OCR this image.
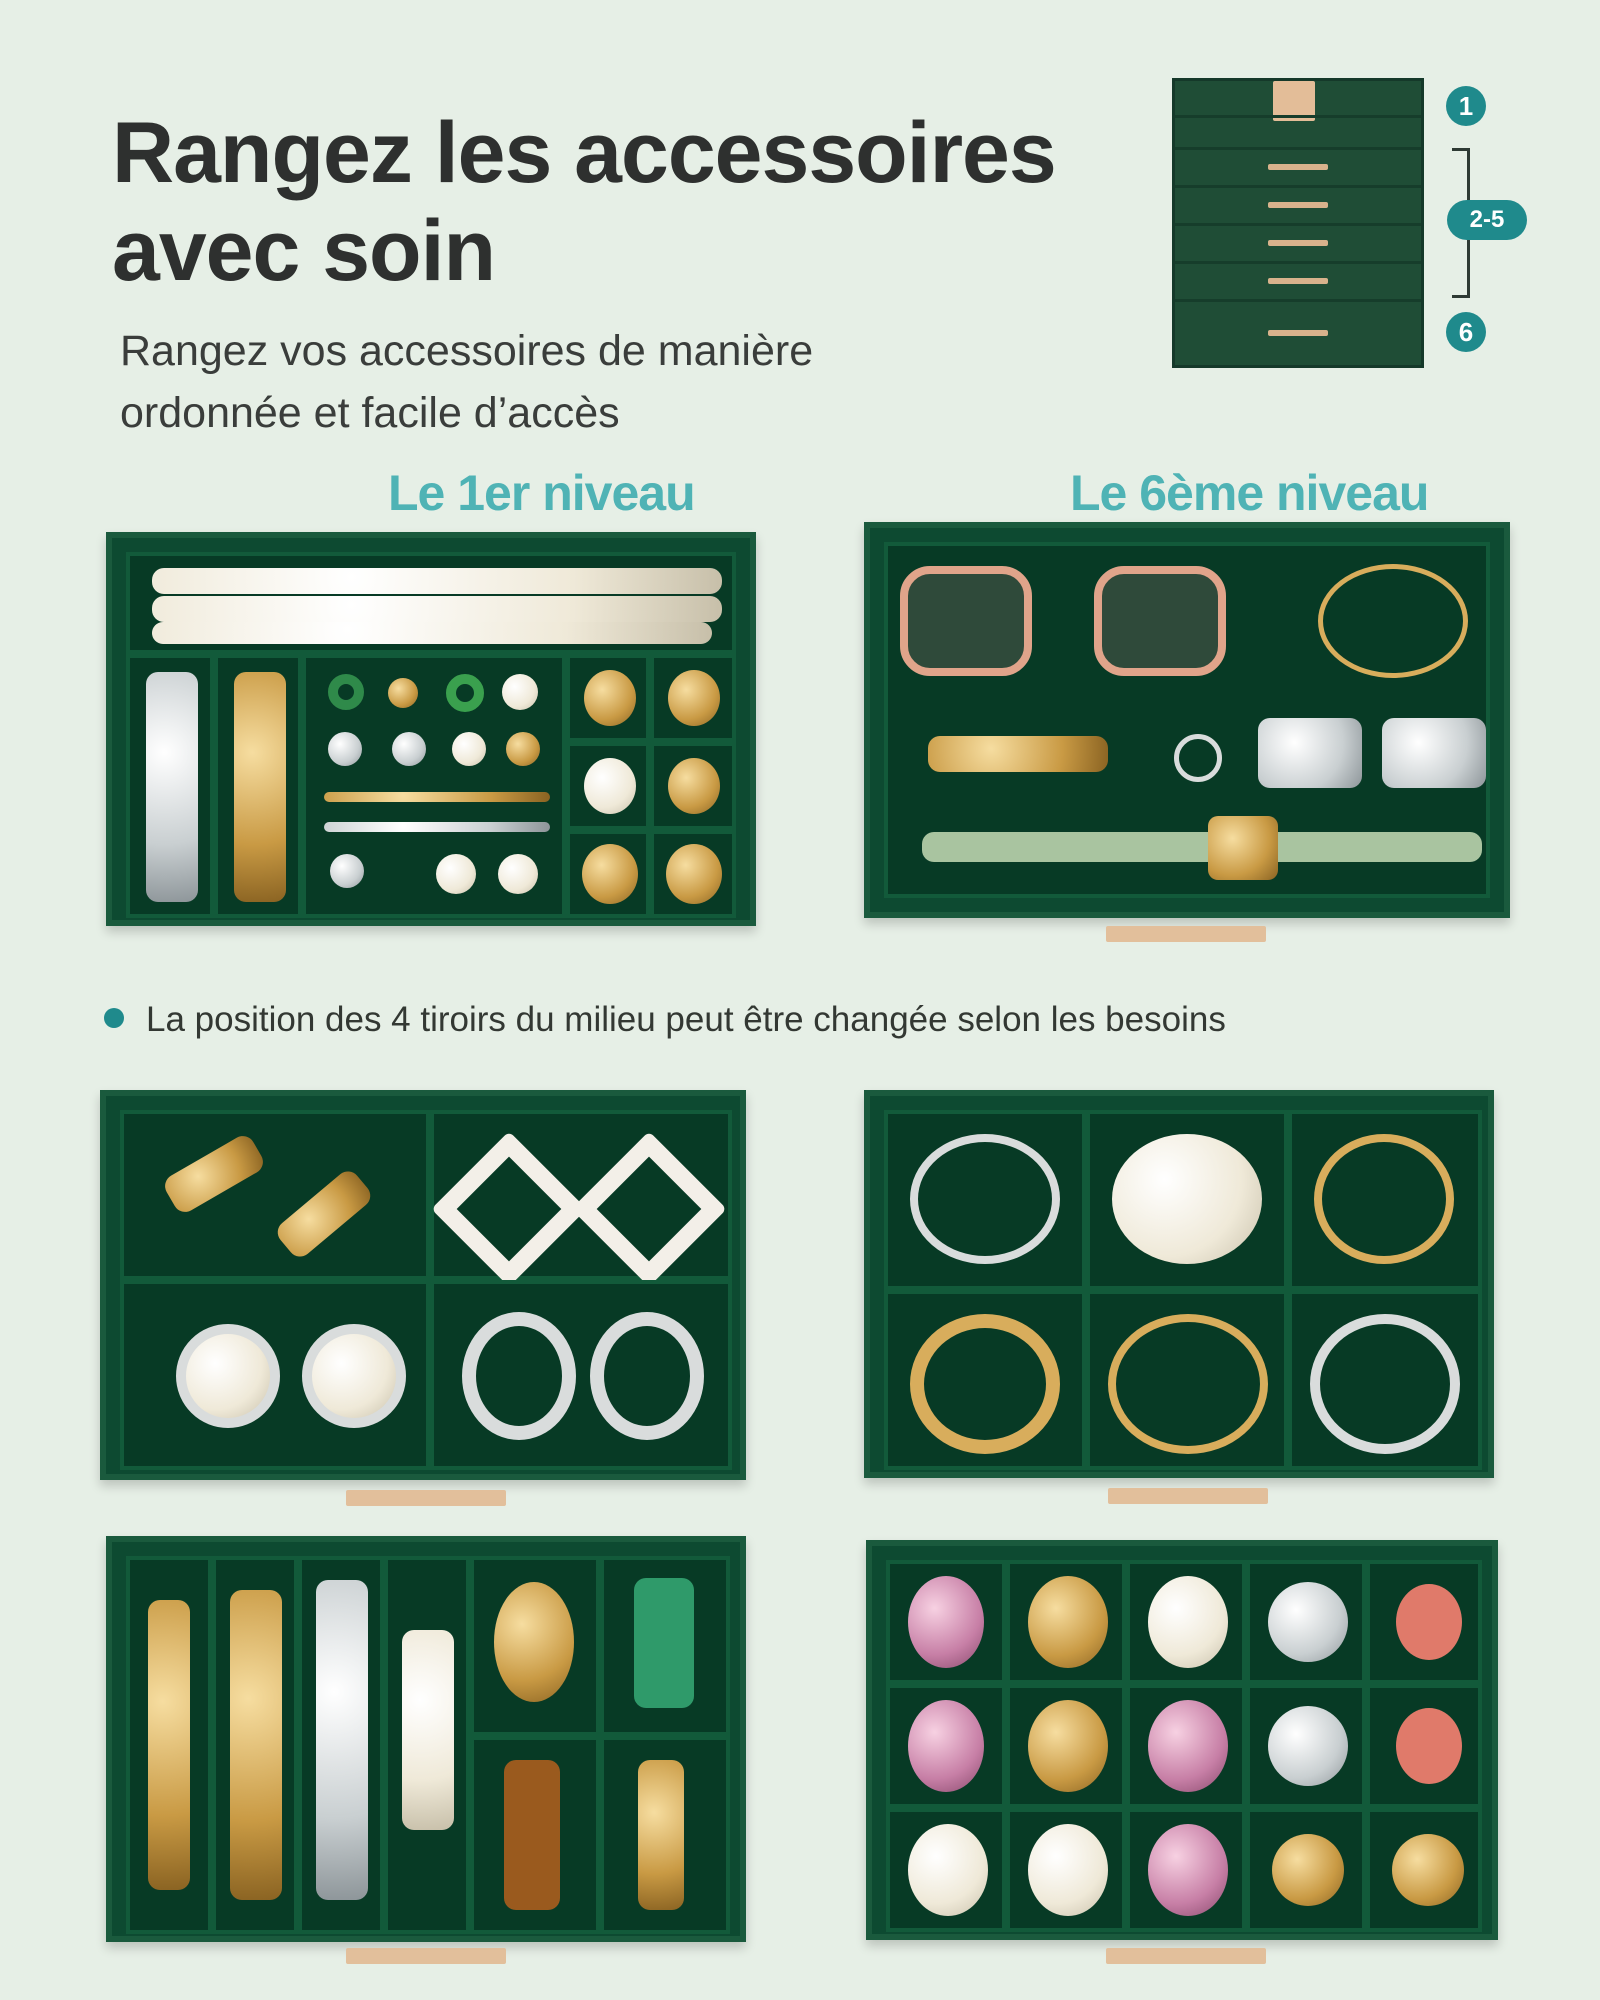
Rangez les accessoires
avec soin
Rangez vos accessoires de manière
ordonnée et facile d’accès
1
2-5
6
Le 1er niveau	Le 6ème niveau
La position des 4 tiroirs du milieu peut être changée selon les besoins
